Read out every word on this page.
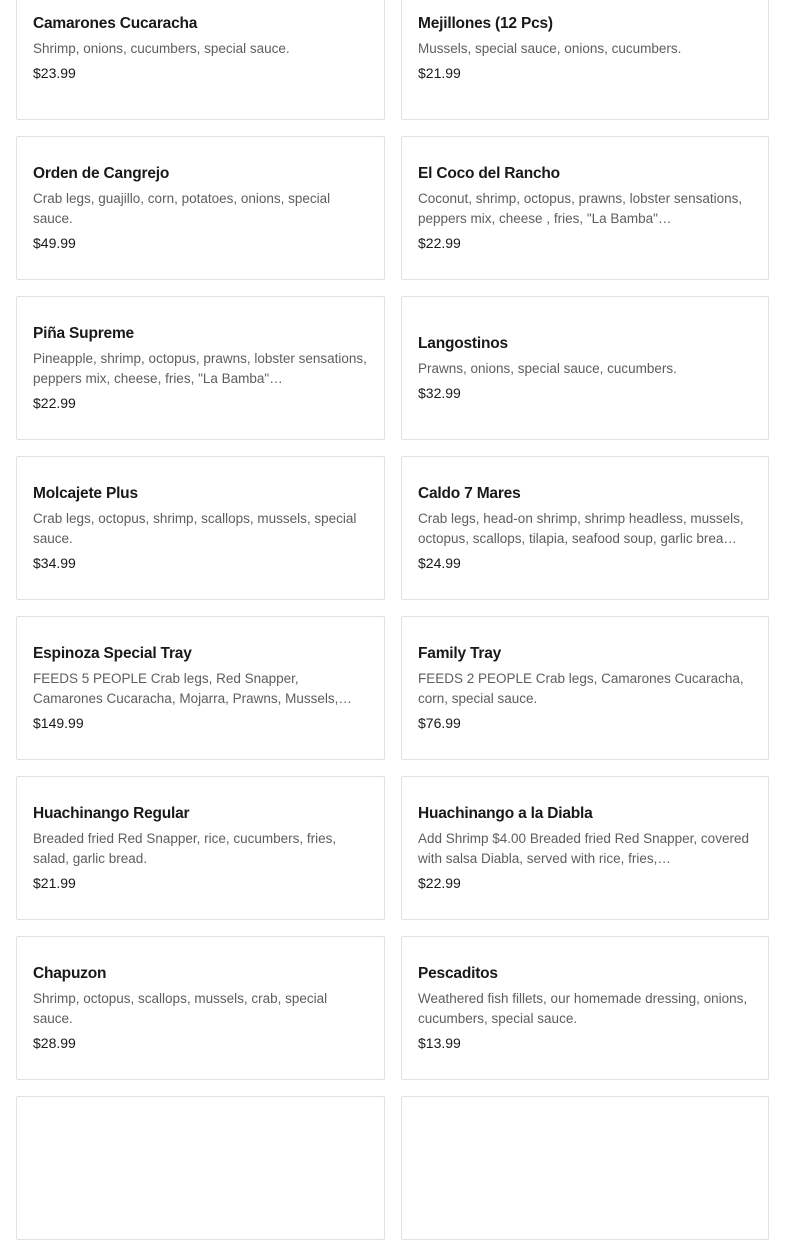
Camarones Cucaracha
Shrimp, onions, cucumbers, special sauce.
$23.99
Mejillones (12 Pcs)
Mussels, special sauce, onions, cucumbers.
$21.99
Orden de Cangrejo
Crab legs, guajillo, corn, potatoes, onions, special sauce.
$49.99
El Coco del Rancho
Coconut, shrimp, octopus, prawns, lobster sensations, peppers mix, cheese , fries, "La Bamba"…
$22.99
Piña Supreme
Pineapple, shrimp, octopus, prawns, lobster sensations, peppers mix, cheese, fries, "La Bamba"…
$22.99
Langostinos
Prawns, onions, special sauce, cucumbers.
$32.99
Molcajete Plus
Crab legs, octopus, shrimp, scallops, mussels, special sauce.
$34.99
Caldo 7 Mares
Crab legs, head-on shrimp, shrimp headless, mussels, octopus, scallops, tilapia, seafood soup, garlic brea…
$24.99
Espinoza Special Tray
FEEDS 5 PEOPLE Crab legs, Red Snapper, Camarones Cucaracha, Mojarra, Prawns, Mussels,…
$149.99
Family Tray
FEEDS 2 PEOPLE Crab legs, Camarones Cucaracha, corn, special sauce.
$76.99
Huachinango Regular
Breaded fried Red Snapper, rice, cucumbers, fries, salad, garlic bread.
$21.99
Huachinango a la Diabla
Add Shrimp $4.00 Breaded fried Red Snapper, covered with salsa Diabla, served with rice, fries,…
$22.99
Chapuzon
Shrimp, octopus, scallops, mussels, crab, special sauce.
$28.99
Pescaditos
Weathered fish fillets, our homemade dressing, onions, cucumbers, special sauce.
$13.99
